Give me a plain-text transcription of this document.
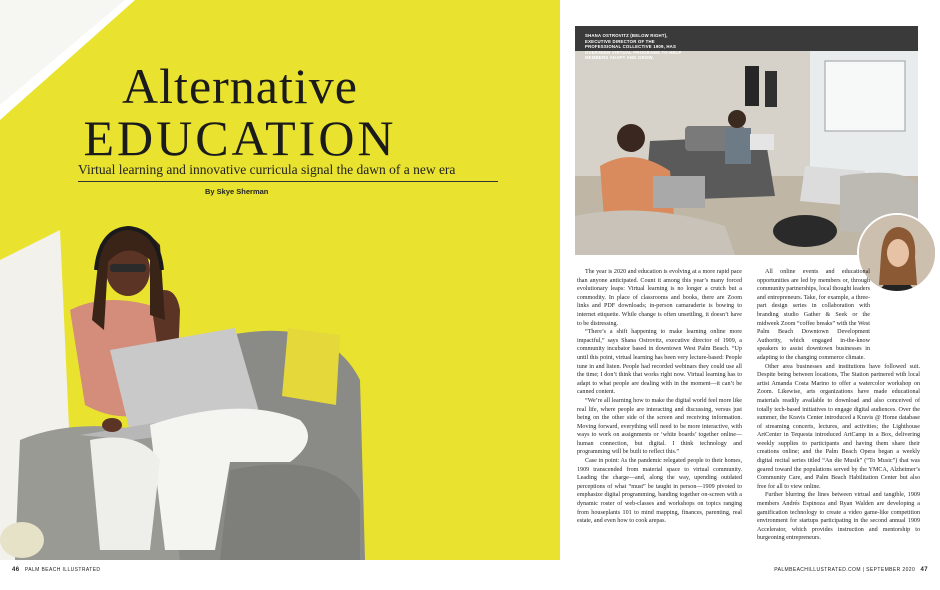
Alternative
EDUCATION
Virtual learning and innovative curricula signal the dawn of a new era
By Skye Sherman
SHANA OSTROVITZ (BELOW RIGHT), EXECUTIVE DIRECTOR OF THE PROFESSIONAL COLLECTIVE 1909, HAS OVERSEEN VIRTUAL PROGRAMS TO HELP MEMBERS ADAPT AND GROW.

The year is 2020 and education is evolving at a more rapid pace than anyone anticipated. Count it among this year’s many forced evolutionary leaps: Virtual learning is no longer a crutch but a commodity. In place of classrooms and books, there are Zoom links and PDF downloads; in-person camaraderie is bowing to internet etiquette. While change is often unsettling, it doesn’t have to be distressing.

“There’s a shift happening to make learning online more impactful,” says Shana Ostrovitz, executive director of 1909, a community incubator based in downtown West Palm Beach. “Up until this point, virtual learning has been very lecture-based: People tune in and listen. People had recorded webinars they could use all the time; I don’t think that works right now. Virtual learning has to adapt to what people are dealing with in the moment—it can’t be canned content.

“We’re all learning how to make the digital world feel more like real life, where people are interacting and discussing, versus just being on the other side of the screen and receiving information. Moving forward, everything will need to be more interactive, with ways to work on assignments or ‘white boards’ together online—human connection, but digital. I think technology and programming will be built to reflect this.”

Case in point: As the pandemic relegated people to their homes, 1909 transcended from material space to virtual community. Leading the charge—and, along the way, upending outdated perceptions of what “must” be taught in person—1909 pivoted to emphasize digital programming, banding together on-screen with a dynamic roster of web-classes and workshops on topics ranging from houseplants 101 to mind mapping, finances, parenting, real estate, and even how to cook arepas.

All online events and educational opportunities are led by members or, through community partnerships, local thought leaders and entrepreneurs. Take, for example, a three-part design series in collaboration with branding studio Gather & Seek or the midweek Zoom “coffee breaks” with the West Palm Beach Downtown Development Authority, which engaged in-the-know speakers to assist downtown businesses in adapting to the changing commerce climate.

Other area businesses and institutions have followed suit. Despite being between locations, The Station partnered with local artist Amanda Costa Marino to offer a watercolor workshop on Zoom. Likewise, arts organizations have made educational materials readily available to download and also conceived of totally tech-based initiatives to engage digital audiences. Over the summer, the Kravis Center introduced a Kravis @ Home database of streaming concerts, lectures, and activities; the Lighthouse ArtCenter in Tequesta introduced ArtCamp in a Box, delivering weekly supplies to participants and having them share their creations online; and the Palm Beach Opera began a weekly digital recital series titled “An die Musik” (“To Music”) that was geared toward the populations served by the YMCA, Alzheimer’s Community Care, and Palm Beach Habilitation Center but also free for all to view online.

Further blurring the lines between virtual and tangible, 1909 members Andrés Espinoza and Ryan Walden are developing a gamification technology to create a video game-like competition environment for startups participating in the second annual 1909 Accelerator, which provides instruction and mentorship to burgeoning entrepreneurs.

46 PALM BEACH ILLUSTRATED	PALMBEACHILLUSTRATED.COM | SEPTEMBER 2020 47
